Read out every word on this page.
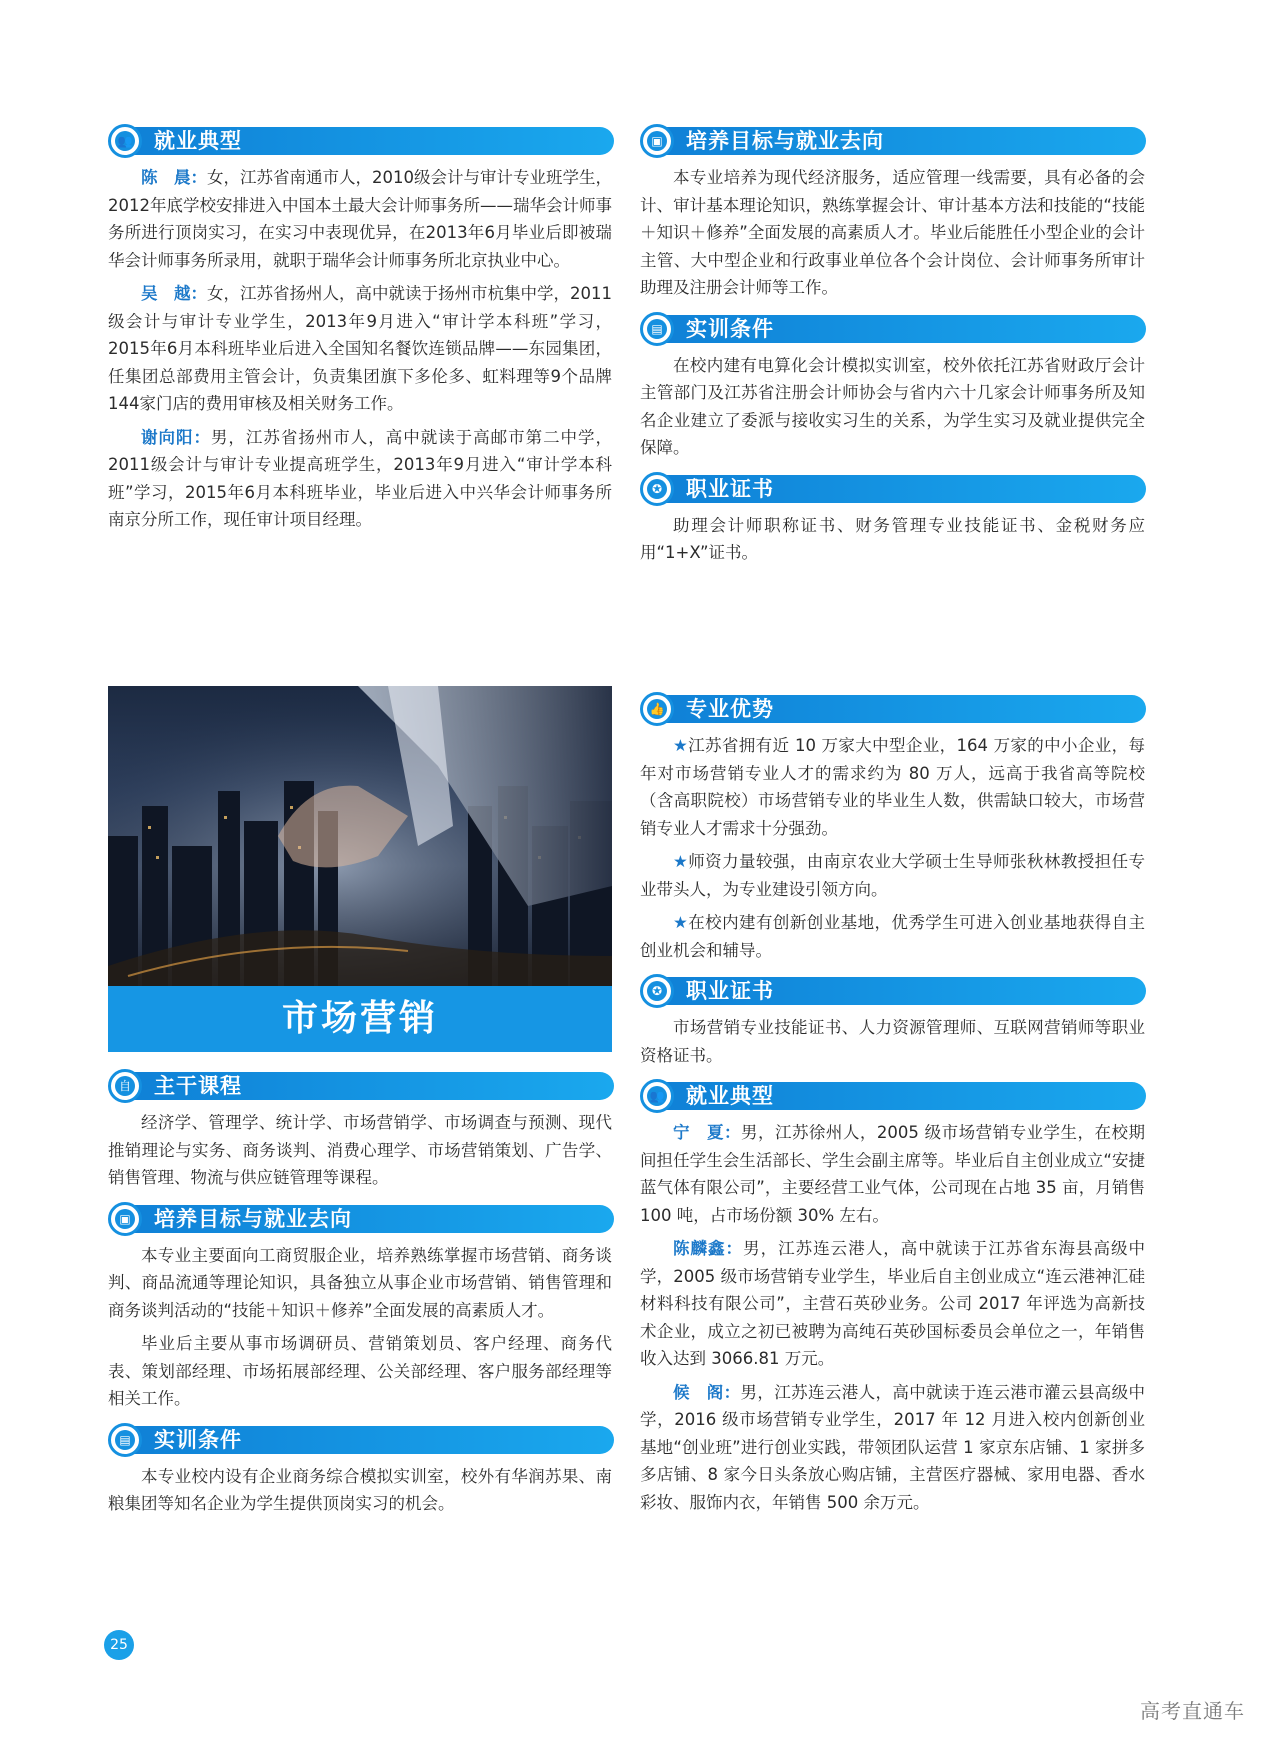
👥 就业典型

陈　晨：女，江苏省南通市人，2010级会计与审计专业班学生，2012年底学校安排进入中国本土最大会计师事务所——瑞华会计师事务所进行顶岗实习，在实习中表现优异，在2013年6月毕业后即被瑞华会计师事务所录用，就职于瑞华会计师事务所北京执业中心。

吴　越：女，江苏省扬州人，高中就读于扬州市杭集中学，2011级会计与审计专业学生，2013年9月进入“审计学本科班”学习，2015年6月本科班毕业后进入全国知名餐饮连锁品牌——东园集团，任集团总部费用主管会计，负责集团旗下多伦多、虹料理等9个品牌144家门店的费用审核及相关财务工作。

谢向阳：男，江苏省扬州市人，高中就读于高邮市第二中学，2011级会计与审计专业提高班学生，2013年9月进入“审计学本科班”学习，2015年6月本科班毕业，毕业后进入中兴华会计师事务所南京分所工作，现任审计项目经理。

▣ 培养目标与就业去向

本专业培养为现代经济服务，适应管理一线需要，具有必备的会计、审计基本理论知识，熟练掌握会计、审计基本方法和技能的“技能＋知识＋修养”全面发展的高素质人才。毕业后能胜任小型企业的会计主管、大中型企业和行政事业单位各个会计岗位、会计师事务所审计助理及注册会计师等工作。

▤ 实训条件

在校内建有电算化会计模拟实训室，校外依托江苏省财政厅会计主管部门及江苏省注册会计师协会与省内六十几家会计师事务所及知名企业建立了委派与接收实习生的关系，为学生实习及就业提供完全保障。

✪ 职业证书

助理会计师职称证书、财务管理专业技能证书、金税财务应用“1+X”证书。

市场营销
自 主干课程

经济学、管理学、统计学、市场营销学、市场调查与预测、现代推销理论与实务、商务谈判、消费心理学、市场营销策划、广告学、销售管理、物流与供应链管理等课程。

▣ 培养目标与就业去向

本专业主要面向工商贸服企业，培养熟练掌握市场营销、商务谈判、商品流通等理论知识，具备独立从事企业市场营销、销售管理和商务谈判活动的“技能＋知识＋修养”全面发展的高素质人才。

毕业后主要从事市场调研员、营销策划员、客户经理、商务代表、策划部经理、市场拓展部经理、公关部经理、客户服务部经理等相关工作。

▤ 实训条件

本专业校内设有企业商务综合模拟实训室，校外有华润苏果、南粮集团等知名企业为学生提供顶岗实习的机会。

👍 专业优势

★江苏省拥有近 10 万家大中型企业，164 万家的中小企业，每年对市场营销专业人才的需求约为 80 万人，远高于我省高等院校（含高职院校）市场营销专业的毕业生人数，供需缺口较大，市场营销专业人才需求十分强劲。

★师资力量较强，由南京农业大学硕士生导师张秋林教授担任专业带头人，为专业建设引领方向。

★在校内建有创新创业基地，优秀学生可进入创业基地获得自主创业机会和辅导。

✪ 职业证书

市场营销专业技能证书、人力资源管理师、互联网营销师等职业资格证书。

👥 就业典型

宁　夏：男，江苏徐州人，2005 级市场营销专业学生，在校期间担任学生会生活部长、学生会副主席等。毕业后自主创业成立“安捷蓝气体有限公司”，主要经营工业气体，公司现在占地 35 亩，月销售 100 吨，占市场份额 30% 左右。

陈麟鑫：男，江苏连云港人，高中就读于江苏省东海县高级中学，2005 级市场营销专业学生，毕业后自主创业成立“连云港神汇硅材料科技有限公司”，主营石英砂业务。公司 2017 年评选为高新技术企业，成立之初已被聘为高纯石英砂国标委员会单位之一，年销售收入达到 3066.81 万元。

候　阁：男，江苏连云港人，高中就读于连云港市灌云县高级中学，2016 级市场营销专业学生，2017 年 12 月进入校内创新创业基地“创业班”进行创业实践，带领团队运营 1 家京东店铺、1 家拼多多店铺、8 家今日头条放心购店铺，主营医疗器械、家用电器、香水彩妆、服饰内衣，年销售 500 余万元。

25
高考直通车
